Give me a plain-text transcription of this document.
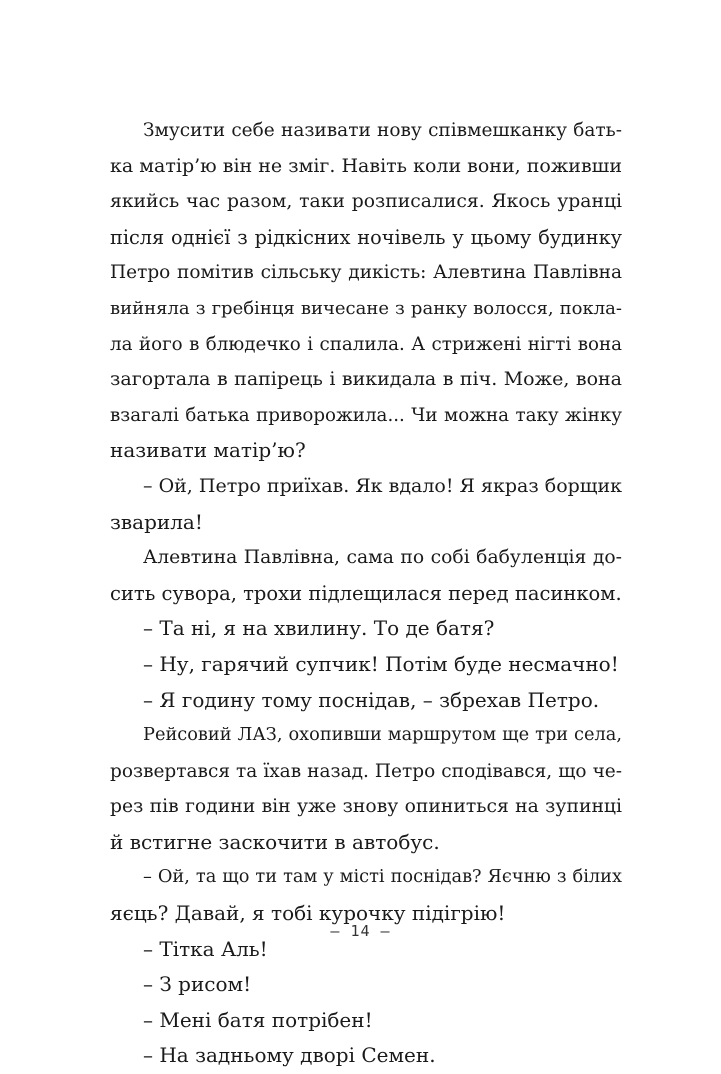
Змусити себе називати нову співмешканку бать-
ка матір’ю він не зміг. Навіть коли вони, поживши
якийсь час разом, таки розписалися. Якось уранці
після однієї з рідкісних ночівель у цьому будинку
Петро помітив сільську дикість: Алевтина Павлівна
вийняла з гребінця вичесане з ранку волосся, покла-
ла його в блюдечко і спалила. А стрижені нігті вона
загортала в папірець і викидала в піч. Може, вона
взагалі батька приворожила... Чи можна таку жінку
називати матір’ю?
– Ой, Петро приїхав. Як вдало! Я якраз борщик
зварила!
Алевтина Павлівна, сама по собі бабуленція до-
сить сувора, трохи підлещилася перед пасинком.
– Та ні, я на хвилину. То де батя?
– Ну, гарячий супчик! Потім буде несмачно!
– Я годину тому поснідав, – збрехав Петро.
Рейсовий ЛАЗ, охопивши маршрутом ще три села,
розвертався та їхав назад. Петро сподівався, що че-
рез пів години він уже знову опиниться на зупинці
й встигне заскочити в автобус.
– Ой, та що ти там у місті поснідав? Яєчню з білих
яєць? Давай, я тобі курочку підігрію!
– Тітка Аль!
– З рисом!
– Мені батя потрібен!
– На задньому дворі Семен.
— 14 —
